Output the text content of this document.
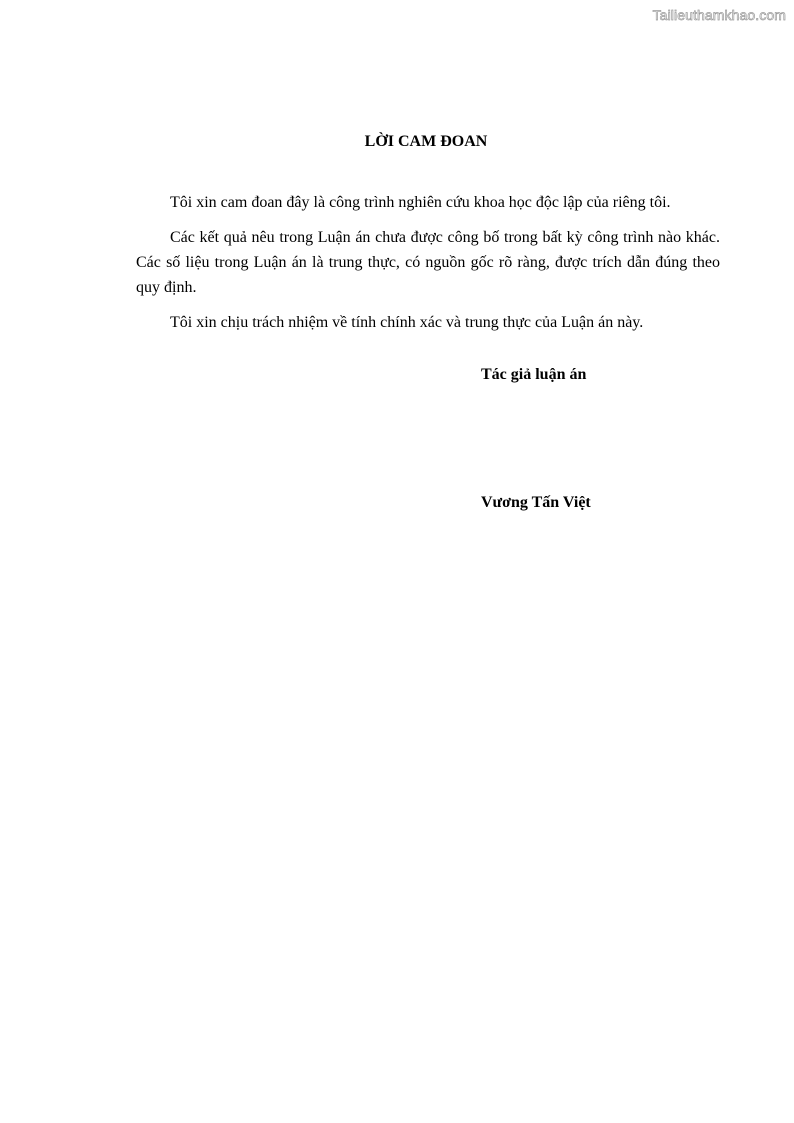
Tailieuthamkhao.com
LỜI CAM ĐOAN

Tôi xin cam đoan đây là công trình nghiên cứu khoa học độc lập của riêng tôi.

Các kết quả nêu trong Luận án chưa được công bố trong bất kỳ công trình nào khác. Các số liệu trong Luận án là trung thực, có nguồn gốc rõ ràng, được trích dẫn đúng theo quy định.

Tôi xin chịu trách nhiệm về tính chính xác và trung thực của Luận án này.

Tác giả luận án
Vương Tấn Việt
